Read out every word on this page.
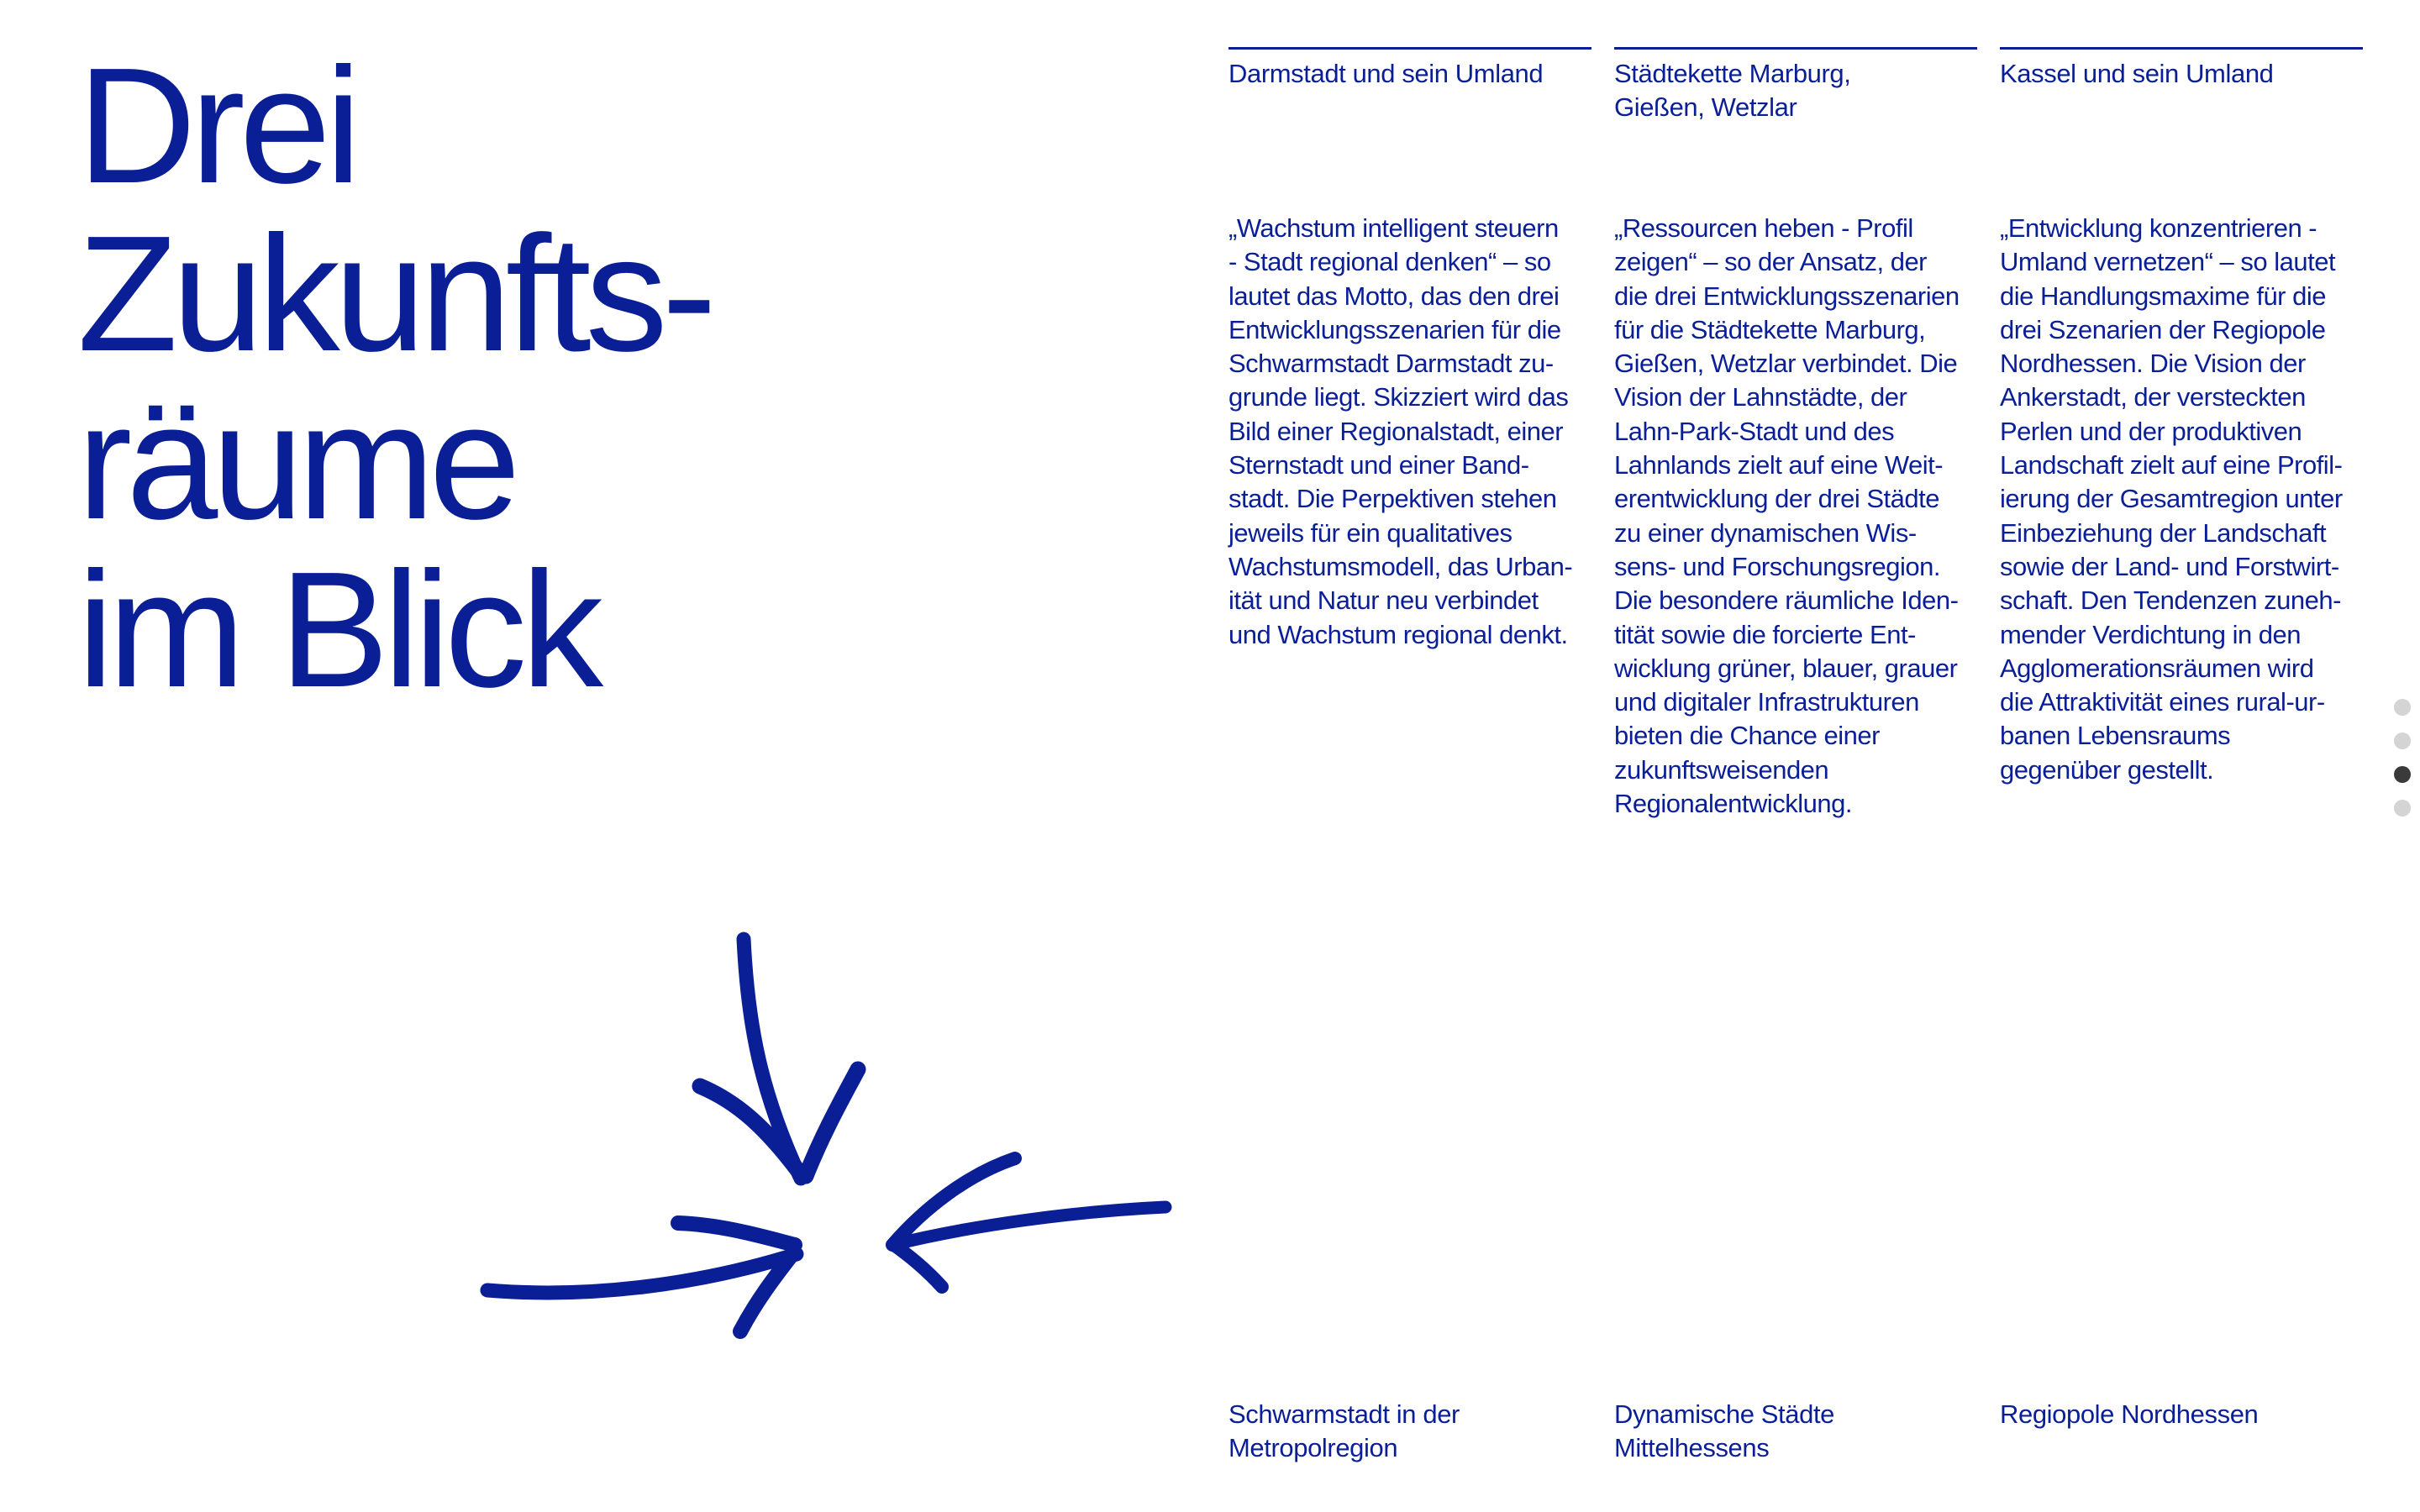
Drei
Zukunfts-
räume
im Blick
Darmstadt und sein Umland
„Wachstum intelligent steuern
- Stadt regional denken“ – so
lautet das Motto, das den drei
Entwicklungsszenarien für die
Schwarmstadt Darmstadt zu-
grunde liegt. Skizziert wird das
Bild einer Regionalstadt, einer
Sternstadt und einer Band-
stadt. Die Perpektiven stehen
jeweils für ein qualitatives
Wachstumsmodell, das Urban-
ität und Natur neu verbindet
und Wachstum regional denkt.
Schwarmstadt in der
Metropolregion
Städtekette Marburg,
Gießen, Wetzlar
„Ressourcen heben - Profil
zeigen“ – so der Ansatz, der
die drei Entwicklungsszenarien
für die Städtekette Marburg,
Gießen, Wetzlar verbindet. Die
Vision der Lahnstädte, der
Lahn-Park-Stadt und des
Lahnlands zielt auf eine Weit-
erentwicklung der drei Städte
zu einer dynamischen Wis-
sens- und Forschungsregion.
Die besondere räumliche Iden-
tität sowie die forcierte Ent-
wicklung grüner, blauer, grauer
und digitaler Infrastrukturen
bieten die Chance einer
zukunftsweisenden
Regionalentwicklung.
Dynamische Städte
Mittelhessens
Kassel und sein Umland
„Entwicklung konzentrieren -
Umland vernetzen“ – so lautet
die Handlungsmaxime für die
drei Szenarien der Regiopole
Nordhessen. Die Vision der
Ankerstadt, der versteckten
Perlen und der produktiven
Landschaft zielt auf eine Profil-
ierung der Gesamtregion unter
Einbeziehung der Landschaft
sowie der Land- und Forstwirt-
schaft. Den Tendenzen zuneh-
mender Verdichtung in den
Agglomerationsräumen wird
die Attraktivität eines rural-ur-
banen Lebensraums
gegenüber gestellt.
Regiopole Nordhessen
